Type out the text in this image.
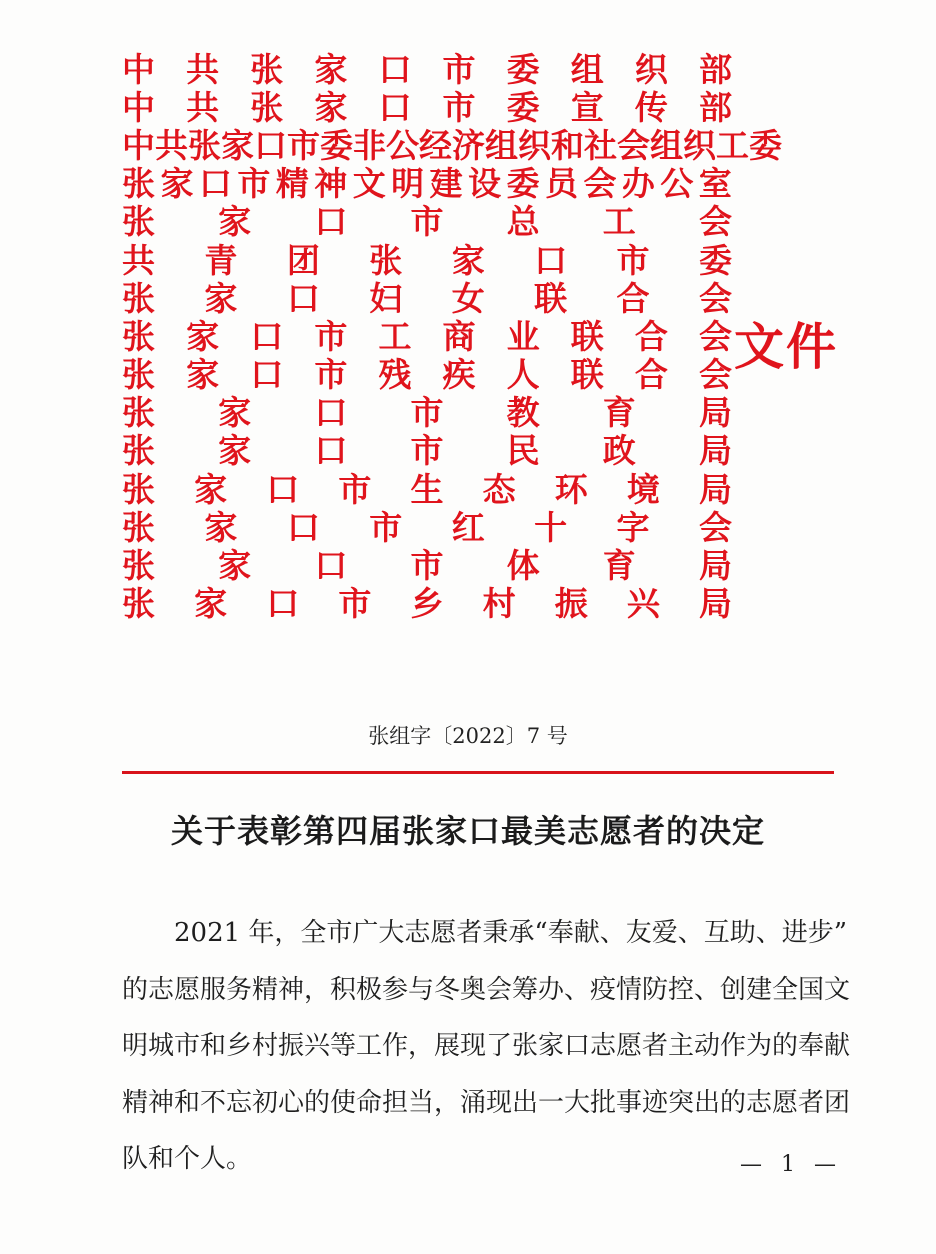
中 共 张 家 口 市 委 组 织 部
中 共 张 家 口 市 委 宣 传 部
中 共 张 家 口 市 委 非 公 经 济 组 织 和 社 会 组 织 工 委
张 家 口 市 精 神 文 明 建 设 委 员 会 办 公 室
张 家 口 市 总 工 会
共 青 团 张 家 口 市 委
张 家 口 妇 女 联 合 会
张 家 口 市 工 商 业 联 合 会
张 家 口 市 残 疾 人 联 合 会
张 家 口 市 教 育 局
张 家 口 市 民 政 局
张 家 口 市 生 态 环 境 局
张 家 口 市 红 十 字 会
张 家 口 市 体 育 局
张 家 口 市 乡 村 振 兴 局
文件
张组字〔2022〕7 号
关于表彰第四届张家口最美志愿者的决定
2021 年，全市广大志愿者秉承“奉献、友爱、互助、进步”
的志愿服务精神，积极参与冬奥会筹办、疫情防控、创建全国文
明城市和乡村振兴等工作，展现了张家口志愿者主动作为的奉献
精神和不忘初心的使命担当，涌现出一大批事迹突出的志愿者团
队和个人。	— 1 —
